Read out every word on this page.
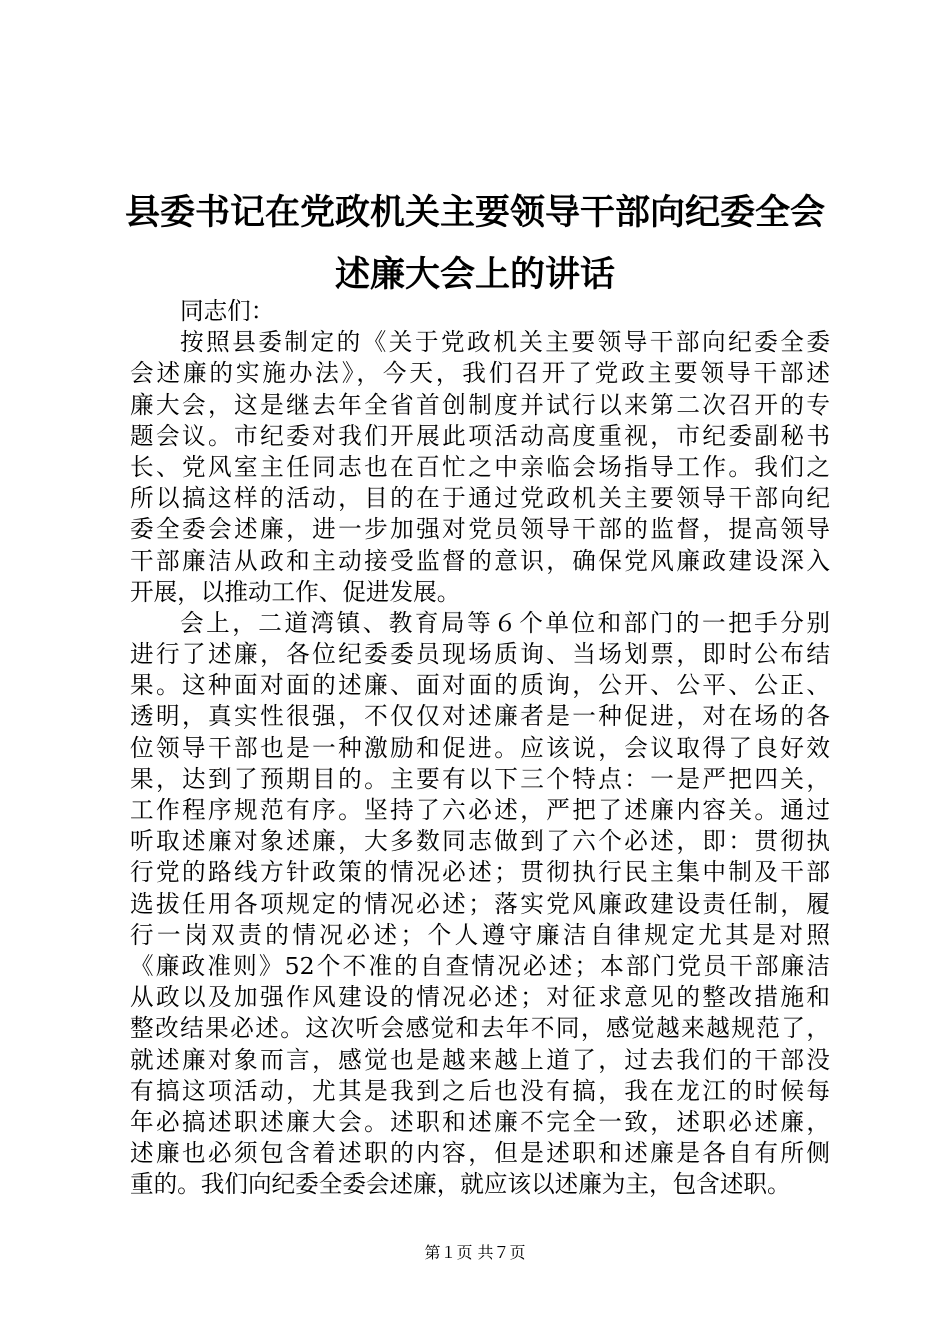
县委书记在党政机关主要领导干部向纪委全会
述廉大会上的讲话
同志们：
按照县委制定的《关于党政机关主要领导干部向纪委全委
会述廉的实施办法》，今天，我们召开了党政主要领导干部述
廉大会，这是继去年全省首创制度并试行以来第二次召开的专
题会议。市纪委对我们开展此项活动高度重视，市纪委副秘书
长、党风室主任同志也在百忙之中亲临会场指导工作。我们之
所以搞这样的活动，目的在于通过党政机关主要领导干部向纪
委全委会述廉，进一步加强对党员领导干部的监督，提高领导
干部廉洁从政和主动接受监督的意识，确保党风廉政建设深入
开展，以推动工作、促进发展。
会上，二道湾镇、教育局等６个单位和部门的一把手分别
进行了述廉，各位纪委委员现场质询、当场划票，即时公布结
果。这种面对面的述廉、面对面的质询，公开、公平、公正、
透明，真实性很强，不仅仅对述廉者是一种促进，对在场的各
位领导干部也是一种激励和促进。应该说，会议取得了良好效
果，达到了预期目的。主要有以下三个特点：一是严把四关，
工作程序规范有序。坚持了六必述，严把了述廉内容关。通过
听取述廉对象述廉，大多数同志做到了六个必述，即：贯彻执
行党的路线方针政策的情况必述；贯彻执行民主集中制及干部
选拔任用各项规定的情况必述；落实党风廉政建设责任制，履
行一岗双责的情况必述；个人遵守廉洁自律规定尤其是对照
《廉政准则》52个不准的自查情况必述；本部门党员干部廉洁
从政以及加强作风建设的情况必述；对征求意见的整改措施和
整改结果必述。这次听会感觉和去年不同，感觉越来越规范了，
就述廉对象而言，感觉也是越来越上道了，过去我们的干部没
有搞这项活动，尤其是我到之后也没有搞，我在龙江的时候每
年必搞述职述廉大会。述职和述廉不完全一致，述职必述廉，
述廉也必须包含着述职的内容，但是述职和述廉是各自有所侧
重的。我们向纪委全委会述廉，就应该以述廉为主，包含述职。
第１页 共７页
